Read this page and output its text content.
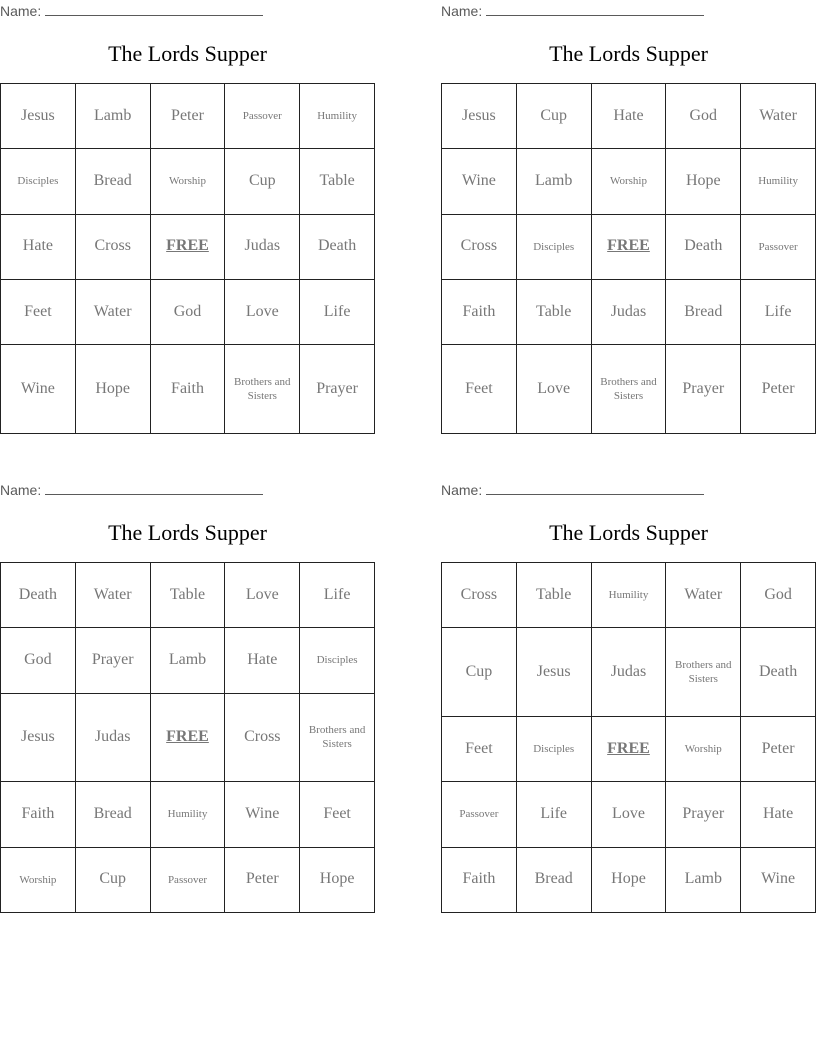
Name:
The Lords Supper
Jesus	Lamb	Peter	Passover	Humility
Disciples	Bread	Worship	Cup	Table
Hate	Cross	FREE	Judas	Death
Feet	Water	God	Love	Life
Wine	Hope	Faith	Brothers and Sisters	Prayer
Name:
The Lords Supper
Jesus	Cup	Hate	God	Water
Wine	Lamb	Worship	Hope	Humility
Cross	Disciples	FREE	Death	Passover
Faith	Table	Judas	Bread	Life
Feet	Love	Brothers and Sisters	Prayer	Peter
Name:
The Lords Supper
Death	Water	Table	Love	Life
God	Prayer	Lamb	Hate	Disciples
Jesus	Judas	FREE	Cross	Brothers and Sisters
Faith	Bread	Humility	Wine	Feet
Worship	Cup	Passover	Peter	Hope
Name:
The Lords Supper
Cross	Table	Humility	Water	God
Cup	Jesus	Judas	Brothers and Sisters	Death
Feet	Disciples	FREE	Worship	Peter
Passover	Life	Love	Prayer	Hate
Faith	Bread	Hope	Lamb	Wine
